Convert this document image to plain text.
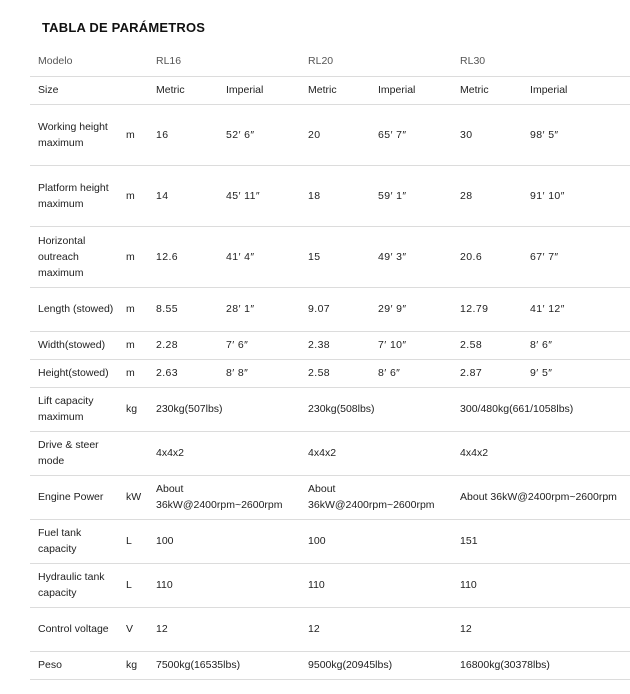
TABLA DE PARÁMETROS
Modelo		RL16		RL20		RL30	
Size		Metric	Imperial	Metric	Imperial	Metric	Imperial
Working height maximum	m	16	52′ 6″	20	65′ 7″	30	98′ 5″
Platform height maximum	m	14	45′ 11″	18	59′ 1″	28	91′ 10″
Horizontal outreach maximum	m	12.6	41′ 4″	15	49′ 3″	20.6	67′ 7″
Length (stowed)	m	8.55	28′ 1″	9.07	29′ 9″	12.79	41′ 12″
Width(stowed)	m	2.28	7′ 6″	2.38	7′ 10″	2.58	8′ 6″
Height(stowed)	m	2.63	8′ 8″	2.58	8′ 6″	2.87	9′ 5″
Lift capacity maximum	kg	230kg(507lbs)		230kg(508lbs)		300/480kg(661/1058lbs)	
Drive & steer mode		4x4x2		4x4x2		4x4x2	
Engine Power	kW	About 36kW@2400rpm~2600rpm		About 36kW@2400rpm~2600rpm		About 36kW@2400rpm~2600rpm	
Fuel tank capacity	L	100		100		151	
Hydraulic tank capacity	L	110		110		110	
Control voltage	V	12		12		12	
Peso	kg	7500kg(16535lbs)		9500kg(20945lbs)		16800kg(30378lbs)	
